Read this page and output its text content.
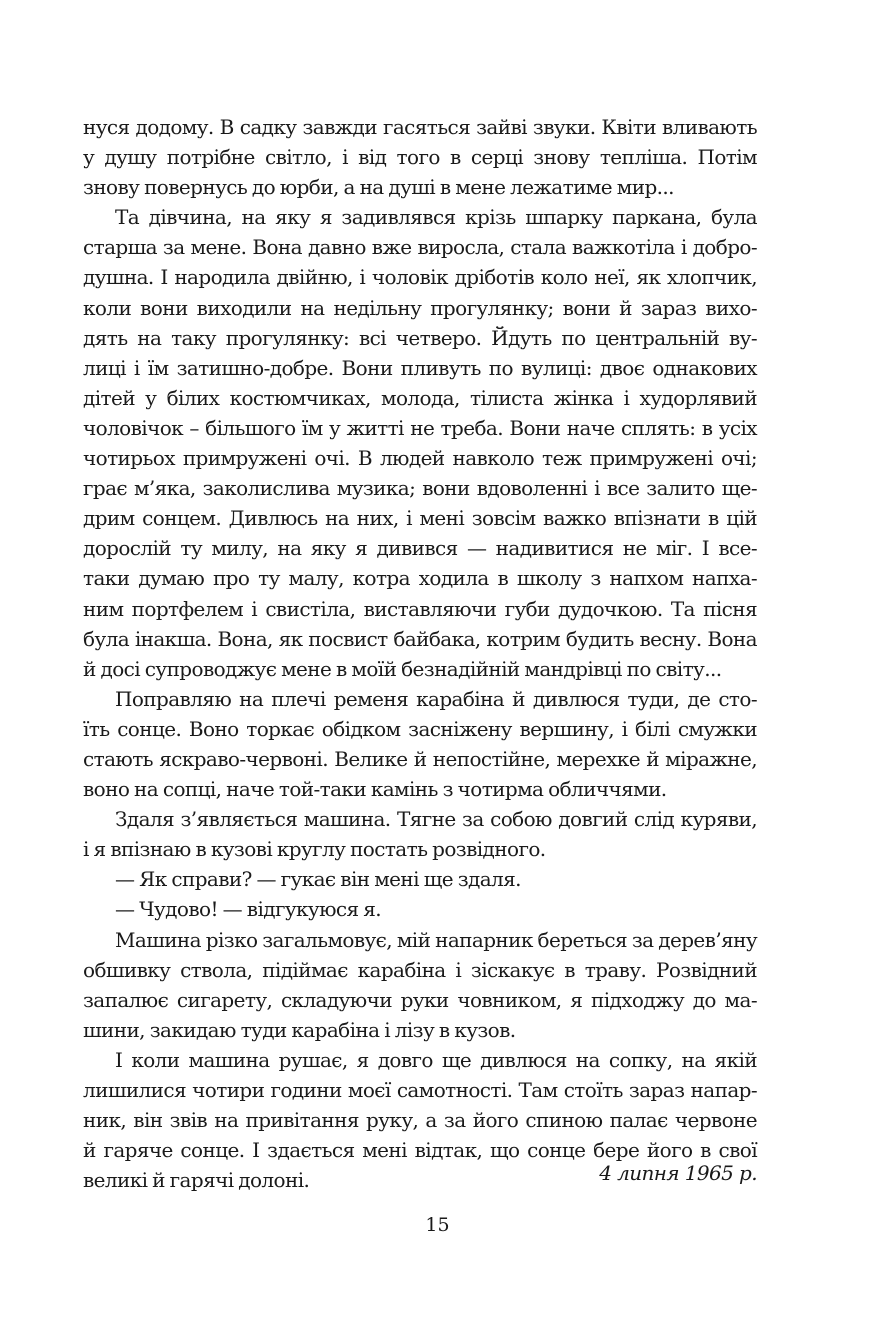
нуся додому. В садку завжди гасяться зайві звуки. Квіти вливають
у душу потрібне світло, і від того в серці знову тепліша. Потім
знову повернусь до юрби, а на душі в мене лежатиме мир...
Та дівчина, на яку я задивлявся крізь шпарку паркана, була
старша за мене. Вона давно вже виросла, стала важкотіла і добро-
душна. І народила двійню, і чоловік дріботів коло неї, як хлопчик,
коли вони виходили на недільну прогулянку; вони й зараз вихо-
дять на таку прогулянку: всі четверо. Йдуть по центральній ву-
лиці і їм затишно-добре. Вони пливуть по вулиці: двоє однакових
дітей у білих костюмчиках, молода, тілиста жінка і худорлявий
чоловічок – більшого їм у житті не треба. Вони наче сплять: в усіх
чотирьох примружені очі. В людей навколо теж примружені очі;
грає м’яка, заколислива музика; вони вдоволенні і все залито ще-
дрим сонцем. Дивлюсь на них, і мені зовсім важко впізнати в цій
дорослій ту милу, на яку я дивився — надивитися не міг. І все-
таки думаю про ту малу, котра ходила в школу з напхом напха-
ним портфелем і свистіла, виставляючи губи дудочкою. Та пісня
була інакша. Вона, як посвист байбака, котрим будить весну. Вона
й досі супроводжує мене в моїй безнадійній мандрівці по світу...
Поправляю на плечі ременя карабіна й дивлюся туди, де сто-
їть сонце. Воно торкає обідком засніжену вершину, і білі смужки
стають яскраво-червоні. Велике й непостійне, мерехке й міражне,
воно на сопці, наче той-таки камінь з чотирма обличчями.
Здаля з’являється машина. Тягне за собою довгий слід куряви,
і я впізнаю в кузові круглу постать розвідного.
— Як справи? — гукає він мені ще здаля.
— Чудово! — відгукуюся я.
Машина різко загальмовує, мій напарник береться за дерев’яну
обшивку ствола, підіймає карабіна і зіскакує в траву. Розвідний
запалює сигарету, складуючи руки човником, я підходжу до ма-
шини, закидаю туди карабіна і лізу в кузов.
І коли машина рушає, я довго ще дивлюся на сопку, на якій
лишилися чотири години моєї самотності. Там стоїть зараз напар-
ник, він звів на привітання руку, а за його спиною палає червоне
й гаряче сонце. І здається мені відтак, що сонце бере його в свої
великі й гарячі долоні.	4 липня 1965 р.
15
